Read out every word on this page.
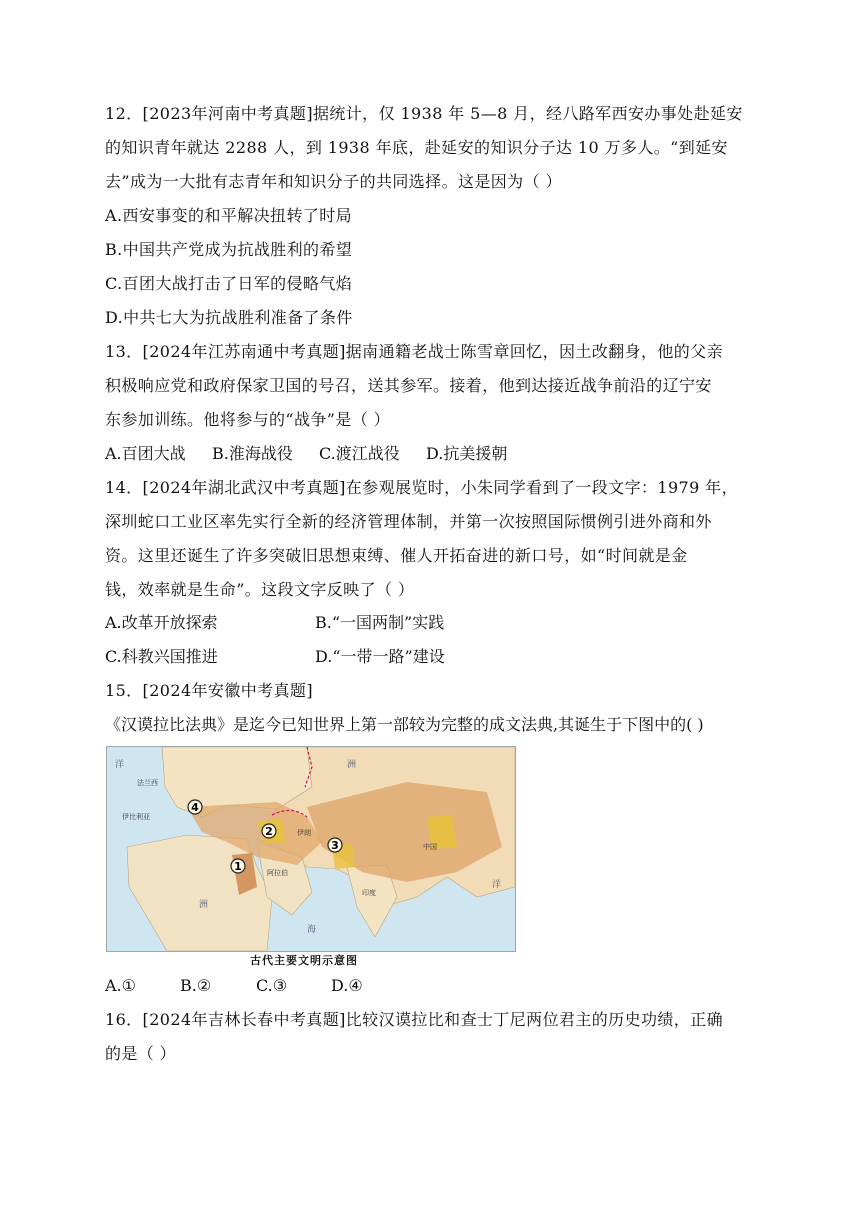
12．[2023年河南中考真题]据统计，仅 1938 年 5—8 月，经八路军西安办事处赴延安
的知识青年就达 2288 人，到 1938 年底，赴延安的知识分子达 10 万多人。“到延安
去”成为一大批有志青年和知识分子的共同选择。这是因为（ ）
A.西安事变的和平解决扭转了时局
B.中国共产党成为抗战胜利的希望
C.百团大战打击了日军的侵略气焰
D.中共七大为抗战胜利准备了条件
13．[2024年江苏南通中考真题]据南通籍老战士陈雪章回忆，因土改翻身，他的父亲
积极响应党和政府保家卫国的号召，送其参军。接着，他到达接近战争前沿的辽宁安
东参加训练。他将参与的“战争”是（ ）
A.百团大战 B.淮海战役 C.渡江战役 D.抗美援朝
14．[2024年湖北武汉中考真题]在参观展览时，小朱同学看到了一段文字：1979 年，
深圳蛇口工业区率先实行全新的经济管理体制，并第一次按照国际惯例引进外商和外
资。这里还诞生了许多突破旧思想束缚、催人开拓奋进的新口号，如“时间就是金
钱，效率就是生命”。这段文字反映了（ ）
A.改革开放探索	B.“一国两制”实践
C.科教兴国推进	D.“一带一路”建设
15．[2024年安徽中考真题]
《汉谟拉比法典》是迄今已知世界上第一部较为完整的成文法典,其诞生于下图中的( )
1
2
3
4
法兰西
伊比利亚
伊朗
印度
中国
阿拉伯
洋
洋
洲
洲
海
古代主要文明示意图
A.①	B.②	C.③	D.④
16．[2024年吉林长春中考真题]比较汉谟拉比和查士丁尼两位君主的历史功绩，正确
的是（ ）
